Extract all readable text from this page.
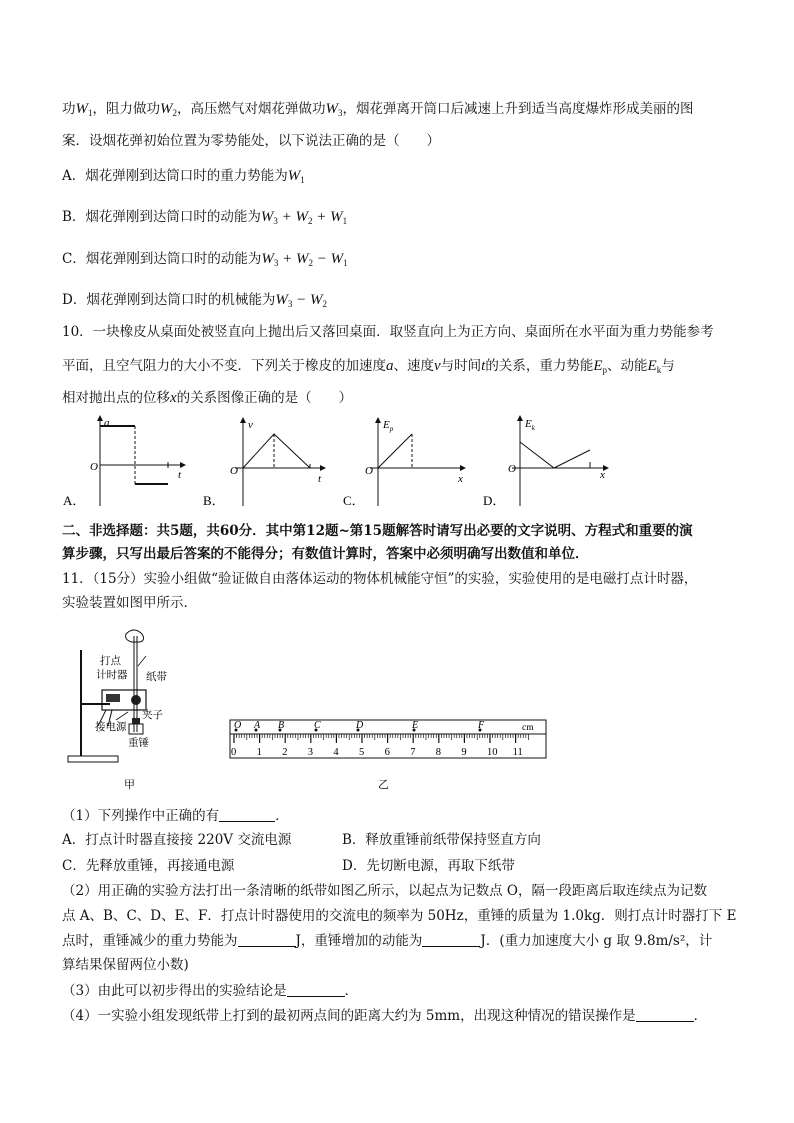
功$W_1$，阻力做功$W_2$，高压燃气对烟花弹做功$W_3$，烟花弹离开筒口后减速上升到适当高度爆炸形成美丽的图
案．设烟花弹初始位置为零势能处，以下说法正确的是（　　）
A．烟花弹刚到达筒口时的重力势能为$W_1$
B．烟花弹刚到达筒口时的动能为$W_3 + W_2 + W_1$
C．烟花弹刚到达筒口时的动能为$W_3 + W_2 - W_1$
D．烟花弹刚到达筒口时的机械能为$W_3 - W_2$
10．一块橡皮从桌面处被竖直向上抛出后又落回桌面．取竖直向上为正方向、桌面所在水平面为重力势能参考
平面，且空气阻力的大小不变．下列关于橡皮的加速度a、速度v与时间t的关系，重力势能$E_p$、动能$E_k$与
相对抛出点的位移x的关系图像正确的是（　　）
a
O
t
A．
v
O
t
B．
$E_p$
O
x
C．
$E_k$
O	x
D．
二、非选择题：共5题，共60分．其中第12题~第15题解答时请写出必要的文字说明、方程式和重要的演
算步骤，只写出最后答案的不能得分；有数值计算时，答案中必须明确写出数值和单位．
11．（15分）实验小组做“验证做自由落体运动的物体机械能守恒”的实验，实验使用的是电磁打点计时器，
实验装置如图甲所示．
打点
计时器 纸带
夹子
接电源
重锤
甲
0 1 2 3 4 5 6 7 8 9 10 11
O A B	C	D	E	F	cm
乙
（1）下列操作中正确的有	．
A．打点计时器直接接 220V 交流电源	B．释放重锤前纸带保持竖直方向
C．先释放重锤，再接通电源	D．先切断电源，再取下纸带
（2）用正确的实验方法打出一条清晰的纸带如图乙所示，以起点为记数点 O，隔一段距离后取连续点为记数
点 A、B、C、D、E、F．打点计时器使用的交流电的频率为 50Hz，重锤的质量为 1.0kg．则打点计时器打下 E
点时，重锤减少的重力势能为	J，重锤增加的动能为	J．(重力加速度大小 g 取 9.8m/s²，计
算结果保留两位小数)
（3）由此可以初步得出的实验结论是	．
（4）一实验小组发现纸带上打到的最初两点间的距离大约为 5mm，出现这种情况的错误操作是	．
